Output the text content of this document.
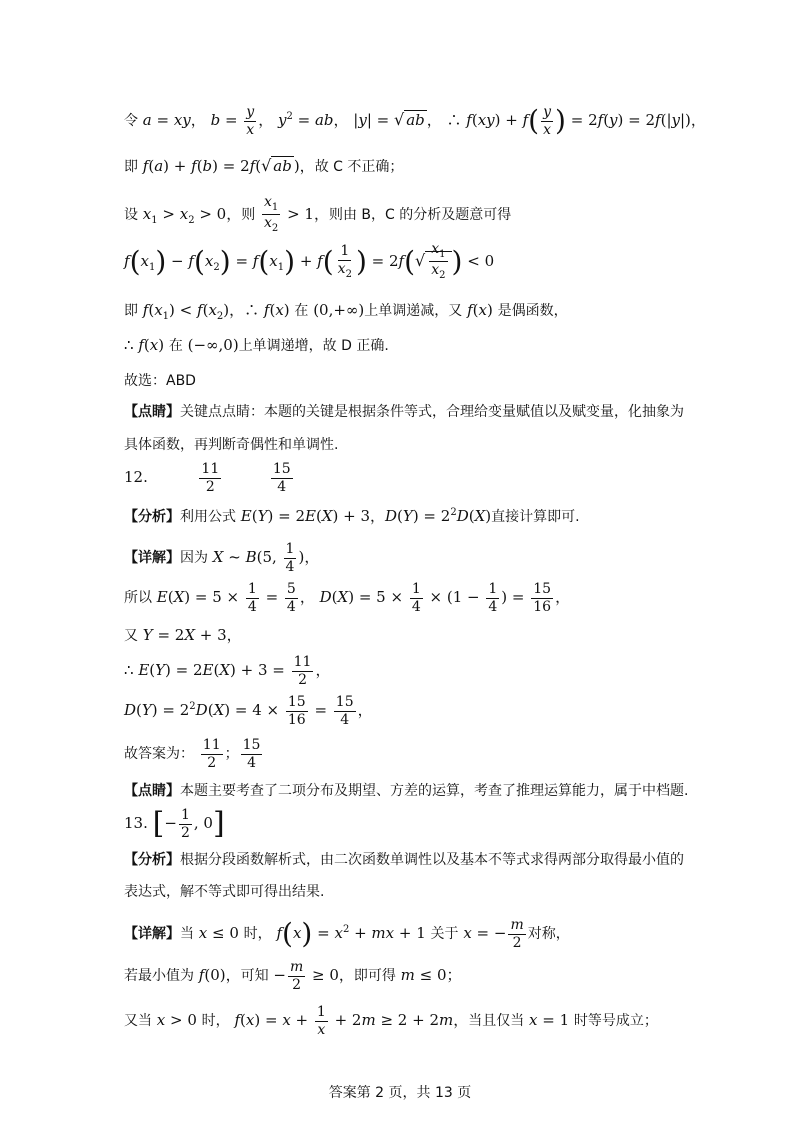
令 a = xy， $b = \frac{y}{x}$ ， $y^2$ = ab， |y| = √ ab ， ∴ $f(xy) + f( \frac{y}{x}$ ) = 2f(y) = 2f(|y|)，
即 f(a) + f(b) = 2f(√ ab )，故 C 不正确；
设 $x_1 > x_2 > 0$，则 $\frac{x_1}{x_2} > 1$，则由 B，C 的分析及题意可得
$f(x_1) - f(x_2) = f(x_1) + f( \frac{1}{x_2}$ ) = $2f(√ \frac{x_1}{x_2}$ ) < 0
即 $f(x_1) < f(x_2)$，∴ f(x) 在 (0,+∞)上单调递减，又 f(x) 是偶函数，
∴ f(x) 在 (−∞,0)上单调递增，故 D 正确.
故选：ABD
【点睛】关键点点睛：本题的关键是根据条件等式，合理给变量赋值以及赋变量，化抽象为
具体函数，再判断奇偶性和单调性.
12.	$\frac{11}{2}$
	$\frac{15}{4}$
【分析】利用公式 E(Y) = 2E(X) + 3，$D(Y) = 2^2D(X)$直接计算即可.
【详解】因为 X ~ B(5, $\frac{1}{4}$ )，
所以 $E(X) = 5 \times \frac{1}{4} = \frac{5}{4}$ ， $D(X) = 5 \times \frac{1}{4} \times (1 - \frac{1}{4}$ ) = $\frac{15}{16}$ ，
又 Y = 2X + 3，
∴ $E(Y) = 2E(X) + 3 = \frac{11}{2}$ ，
$D(Y) = 2^2D(X) = 4 \times \frac{15}{16} = \frac{15}{4}$ ，
故答案为： $\frac{11}{2}$ ； $\frac{15}{4}$
【点睛】本题主要考查了二项分布及期望、方差的运算，考查了推理运算能力，属于中档题.
13. [− $\frac{1}{2}$ , 0]
【分析】根据分段函数解析式，由二次函数单调性以及基本不等式求得两部分取得最小值的
表达式，解不等式即可得出结果.
【详解】当 x ≤ 0 时， $f(x) = x^2$ + mx + 1 关于 x = − $\frac{m}{2}$ 对称，
若最小值为 f(0)，可知 − $\frac{m}{2} \ge 0$，即可得 m ≤ 0；
又当 x > 0 时， $f(x) = x + \frac{1}{x} + 2m \ge 2 + 2m$，当且仅当 x = 1 时等号成立；
答案第 2 页，共 13 页
